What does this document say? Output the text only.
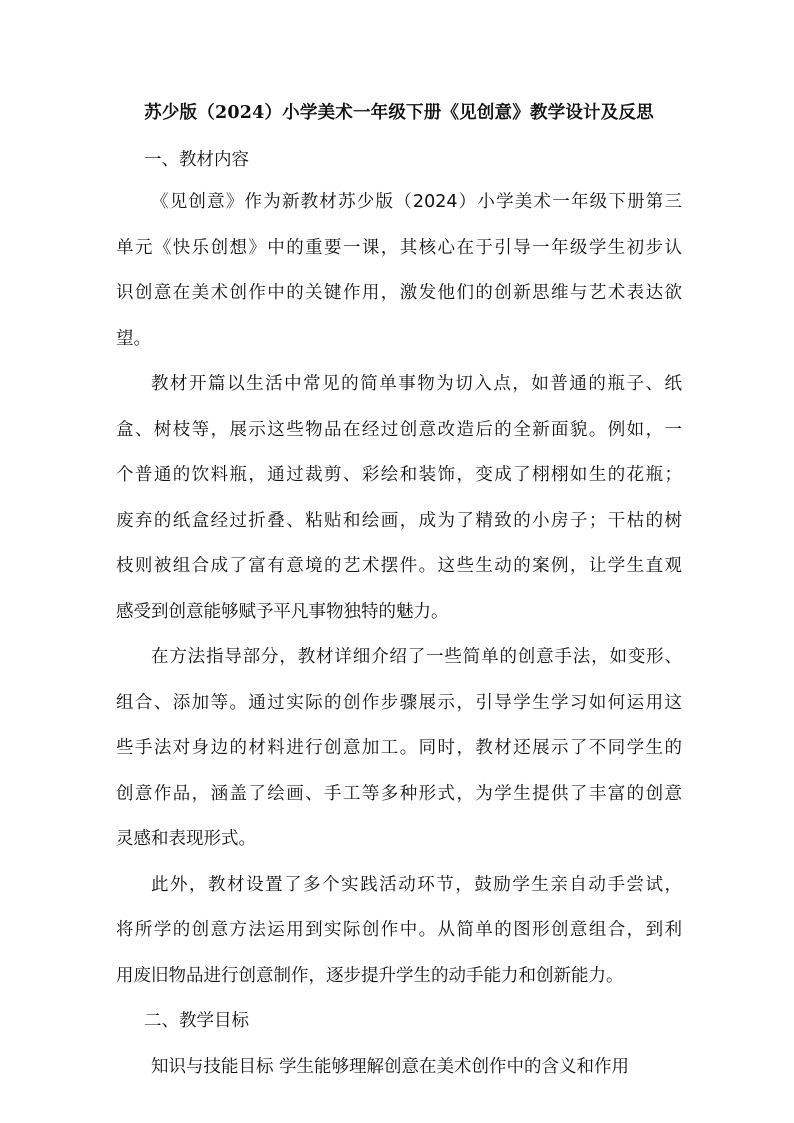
苏少版（2024）小学美术一年级下册《见创意》教学设计及反思
一、教材内容
《见创意》作为新教材苏少版（2024）小学美术一年级下册第三
单元《快乐创想》中的重要一课，其核心在于引导一年级学生初步认
识创意在美术创作中的关键作用，激发他们的创新思维与艺术表达欲
望。
教材开篇以生活中常见的简单事物为切入点，如普通的瓶子、纸
盒、树枝等，展示这些物品在经过创意改造后的全新面貌。例如，一
个普通的饮料瓶，通过裁剪、彩绘和装饰，变成了栩栩如生的花瓶；
废弃的纸盒经过折叠、粘贴和绘画，成为了精致的小房子；干枯的树
枝则被组合成了富有意境的艺术摆件。这些生动的案例，让学生直观
感受到创意能够赋予平凡事物独特的魅力。
在方法指导部分，教材详细介绍了一些简单的创意手法，如变形、
组合、添加等。通过实际的创作步骤展示，引导学生学习如何运用这
些手法对身边的材料进行创意加工。同时，教材还展示了不同学生的
创意作品，涵盖了绘画、手工等多种形式，为学生提供了丰富的创意
灵感和表现形式。
此外，教材设置了多个实践活动环节，鼓励学生亲自动手尝试，
将所学的创意方法运用到实际创作中。从简单的图形创意组合，到利
用废旧物品进行创意制作，逐步提升学生的动手能力和创新能力。
二、教学目标
知识与技能目标 学生能够理解创意在美术创作中的含义和作用
